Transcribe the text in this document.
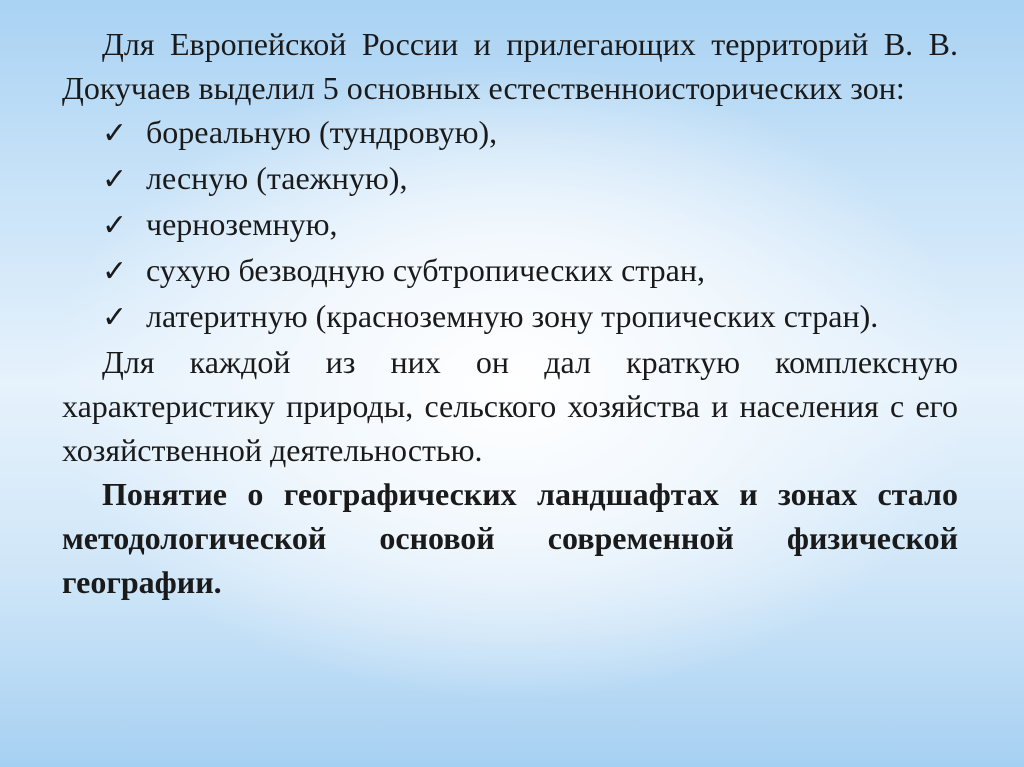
Для Европейской России и прилегающих территорий В. В. Докучаев выделил 5 основных естественноисторических зон:

✓ бореальную (тундровую),
✓ лесную (таежную),
✓ черноземную,
✓ сухую безводную субтропических стран,
✓ латеритную (красноземную зону тропических стран).

Для каждой из них он дал краткую комплексную характеристику природы, сельского хозяйства и населения с его хозяйственной деятельностью.

Понятие о географических ландшафтах и зонах стало методологической основой современной физической географии.
